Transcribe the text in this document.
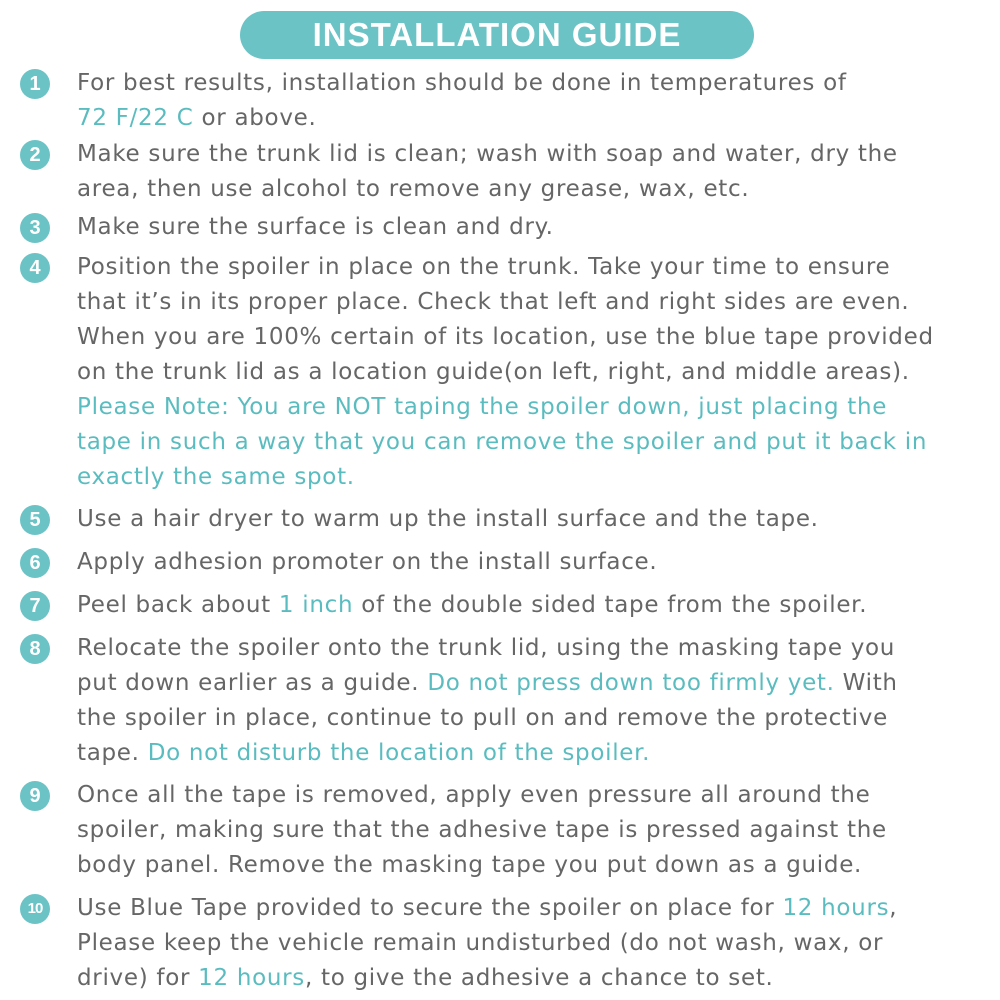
INSTALLATION GUIDE
1	For best results, installation should be done in temperatures of
72 F/22 C or above.
2	Make sure the trunk lid is clean; wash with soap and water, dry the
area, then use alcohol to remove any grease, wax, etc.
3	Make sure the surface is clean and dry.
4	Position the spoiler in place on the trunk. Take your time to ensure
that it’s in its proper place. Check that left and right sides are even.
When you are 100% certain of its location, use the blue tape provided
on the trunk lid as a location guide(on left, right, and middle areas).
Please Note: You are NOT taping the spoiler down, just placing the
tape in such a way that you can remove the spoiler and put it back in
exactly the same spot.
5	Use a hair dryer to warm up the install surface and the tape.
6	Apply adhesion promoter on the install surface.
7	Peel back about 1 inch of the double sided tape from the spoiler.
8	Relocate the spoiler onto the trunk lid, using the masking tape you
put down earlier as a guide. Do not press down too firmly yet. With
the spoiler in place, continue to pull on and remove the protective
tape. Do not disturb the location of the spoiler.
9	Once all the tape is removed, apply even pressure all around the
spoiler, making sure that the adhesive tape is pressed against the
body panel. Remove the masking tape you put down as a guide.
10	Use Blue Tape provided to secure the spoiler on place for 12 hours,
Please keep the vehicle remain undisturbed (do not wash, wax, or
drive) for 12 hours, to give the adhesive a chance to set.
